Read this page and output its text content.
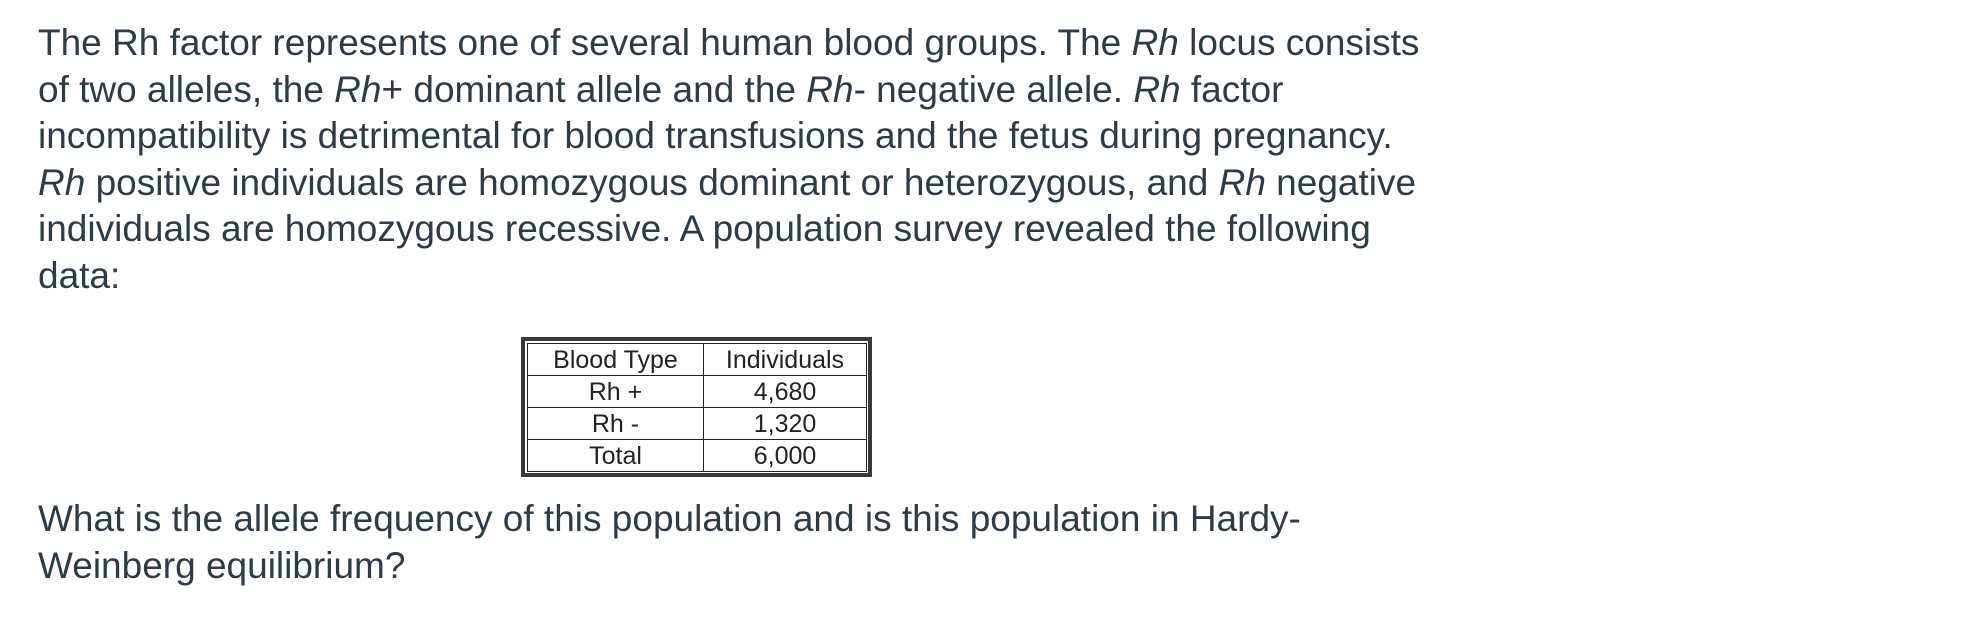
The Rh factor represents one of several human blood groups. The Rh locus consists
of two alleles, the Rh+ dominant allele and the Rh- negative allele. Rh factor
incompatibility is detrimental for blood transfusions and the fetus during pregnancy.
Rh positive individuals are homozygous dominant or heterozygous, and Rh negative
individuals are homozygous recessive. A population survey revealed the following
data:

Blood Type	Individuals
Rh +	4,680
Rh -	1,320
Total	6,000

What is the allele frequency of this population and is this population in Hardy-
Weinberg equilibrium?
